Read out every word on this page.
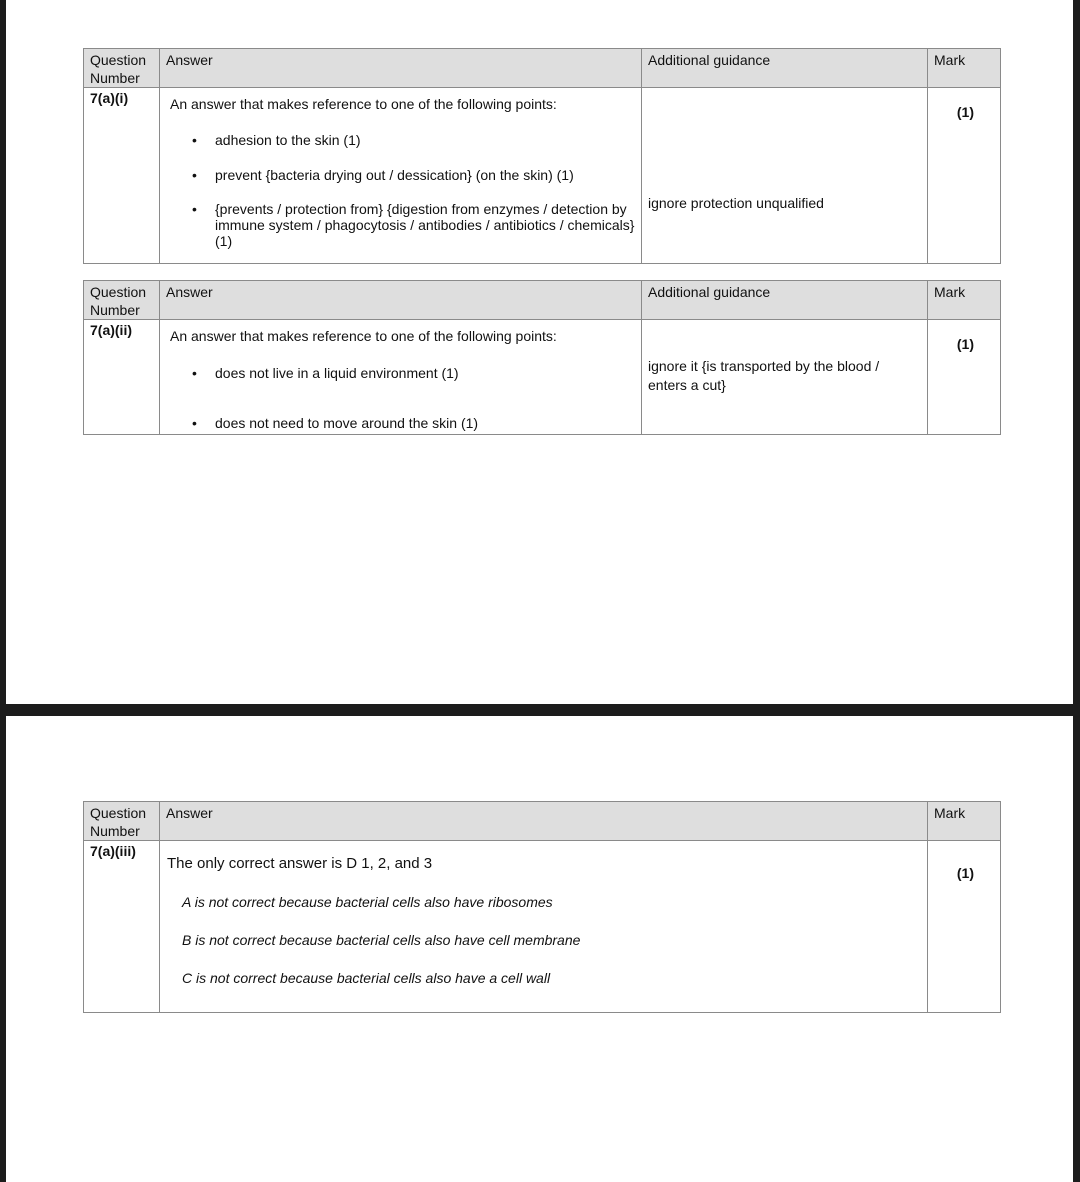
Question Number	Answer	Additional guidance	Mark

7(a)(i)	An answer that makes reference to one of the following points:
• adhesion to the skin (1)
• prevent {bacteria drying out / dessication} (on the skin) (1)
• {prevents / protection from} {digestion from enzymes / detection by immune system / phagocytosis / antibodies / antibiotics / chemicals} (1)	ignore protection unqualified	(1)
Question Number	Answer	Additional guidance	Mark

7(a)(ii)	An answer that makes reference to one of the following points:
• does not live in a liquid environment (1)
• does not need to move around the skin (1)	ignore it {is transported by the blood / enters a cut}	(1)
Question Number	Answer	Mark

7(a)(iii)	The only correct answer is D 1, 2, and 3
A is not correct because bacterial cells also have ribosomes
B is not correct because bacterial cells also have cell membrane
C is not correct because bacterial cells also have a cell wall	(1)
